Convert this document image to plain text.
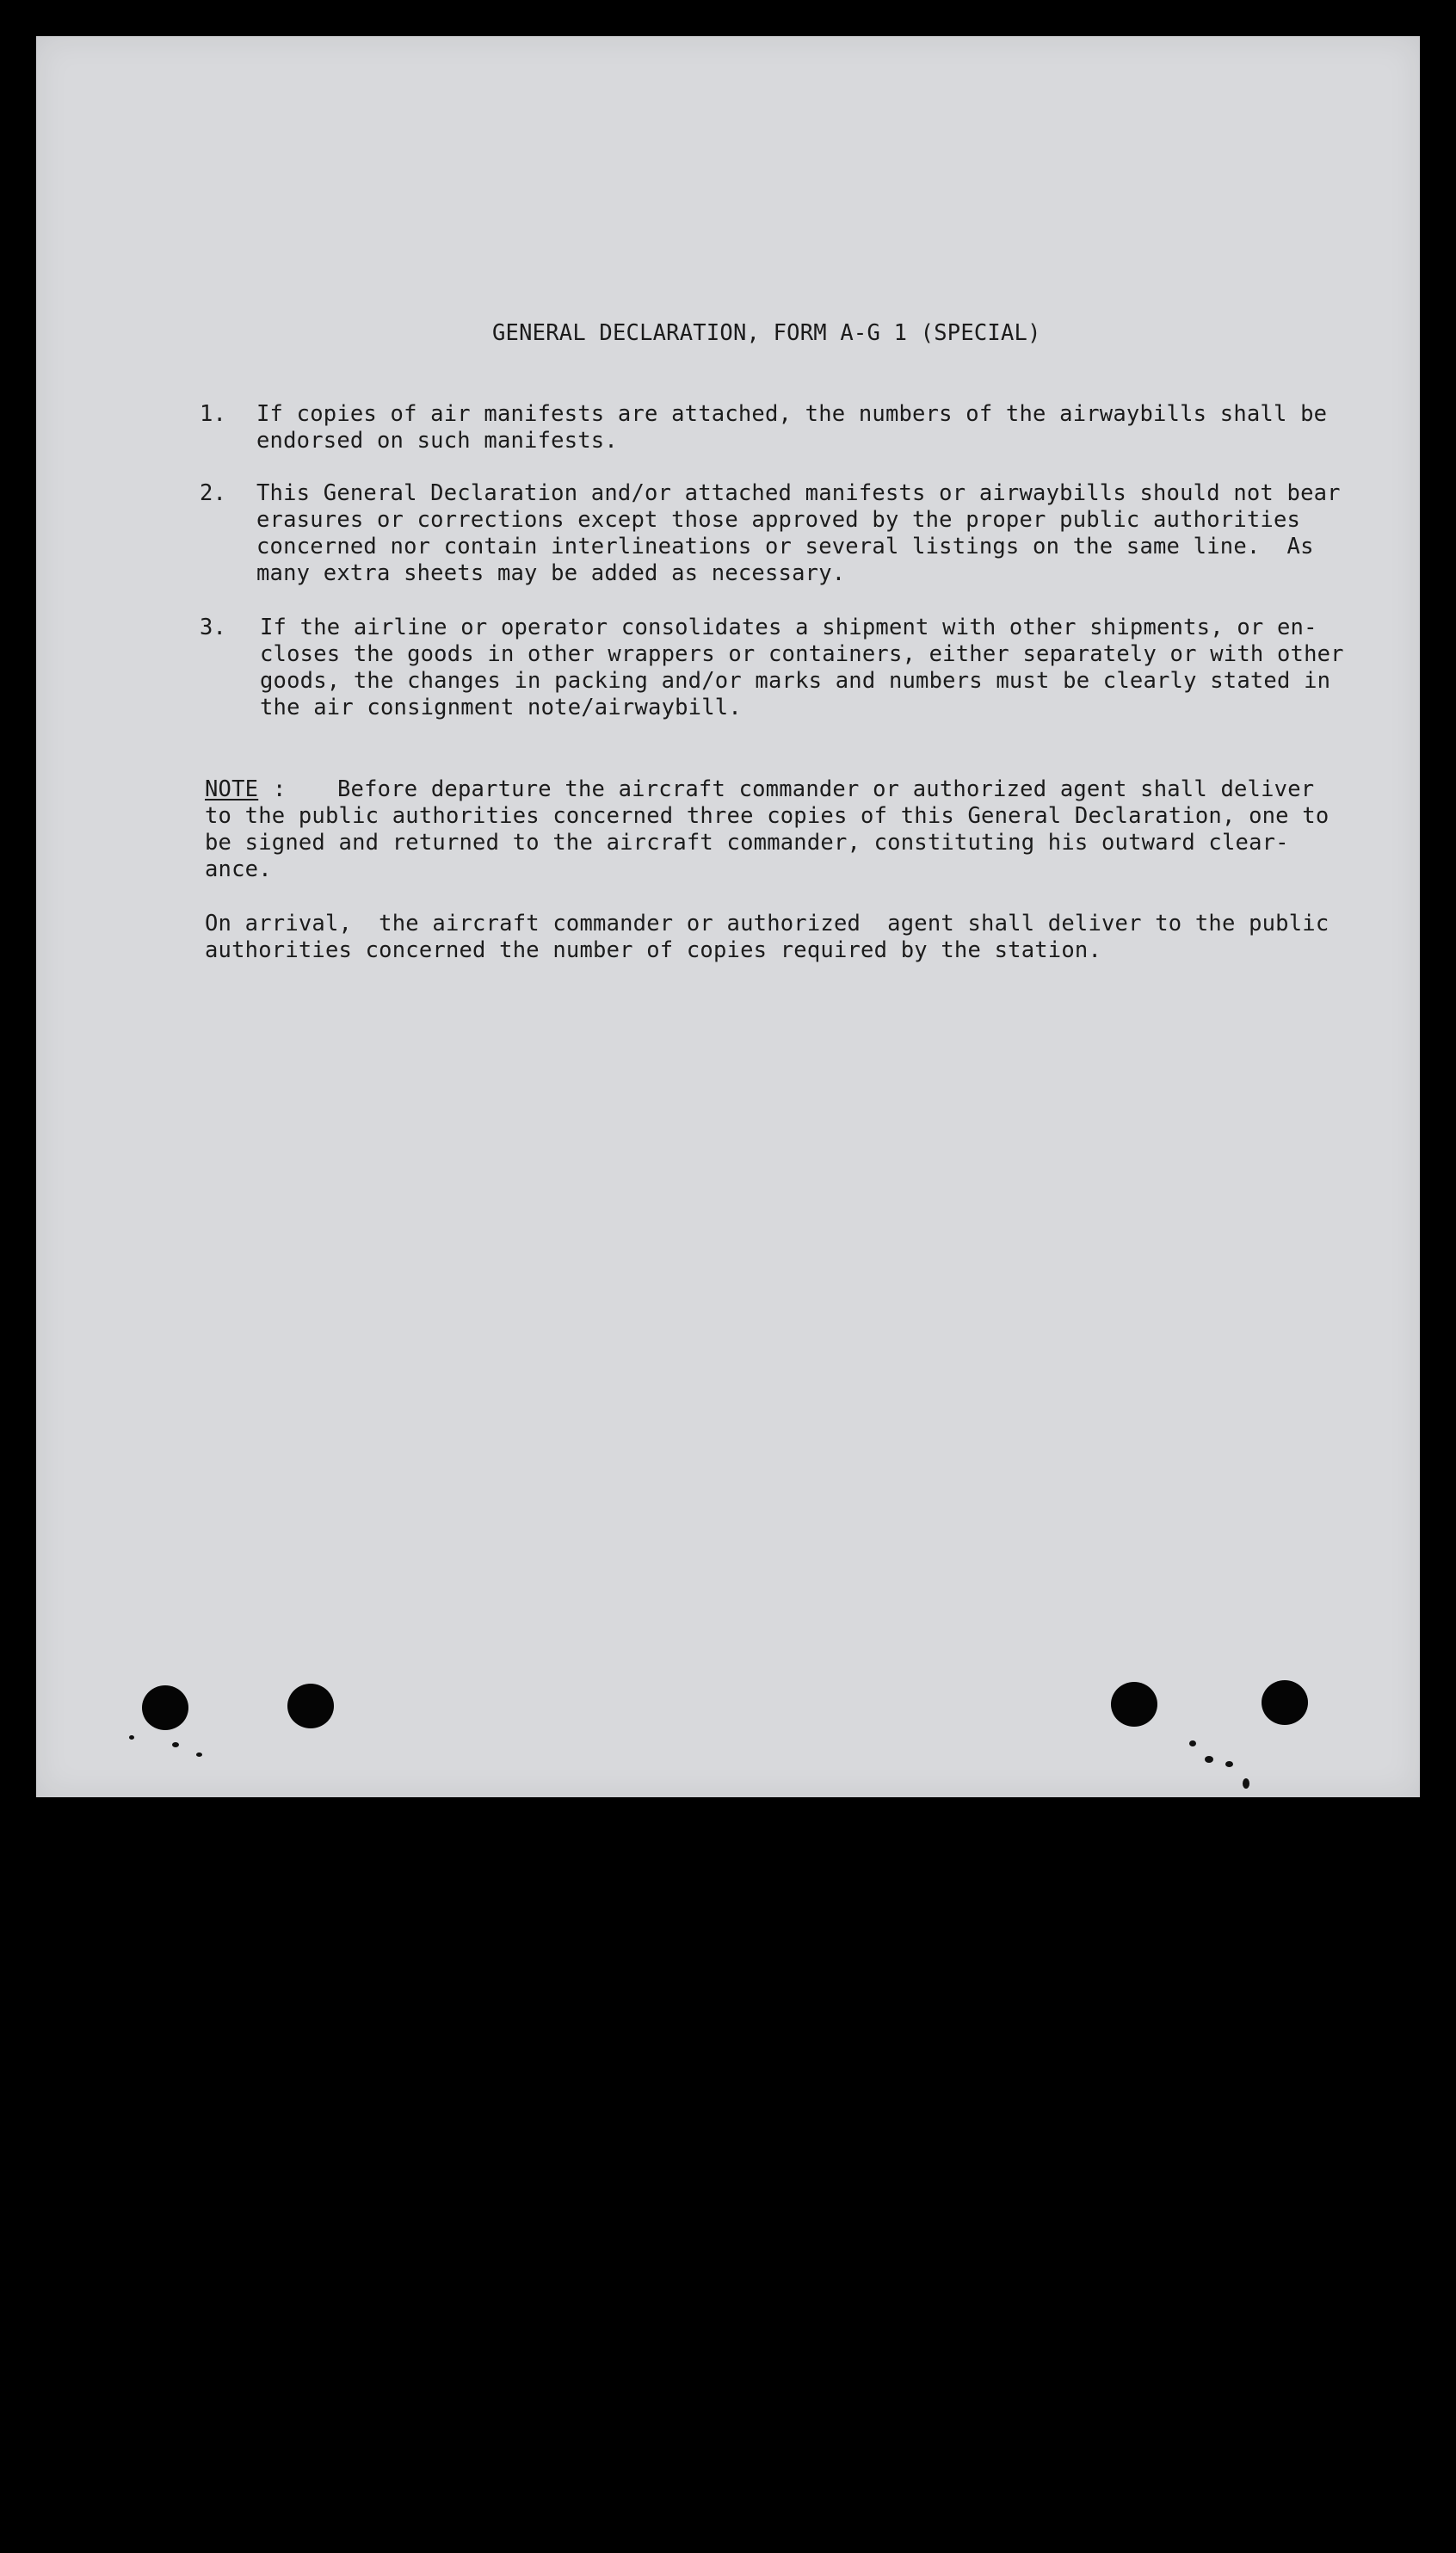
GENERAL DECLARATION, FORM A-G 1 (SPECIAL)
1. If copies of air manifests are attached, the numbers of the airwaybills shall be
endorsed on such manifests.
2. This General Declaration and/or attached manifests or airwaybills should not bear
erasures or corrections except those approved by the proper public authorities
concerned nor contain interlineations or several listings on the same line.  As
many extra sheets may be added as necessary.
3. If the airline or operator consolidates a shipment with other shipments, or en-
closes the goods in other wrappers or containers, either separately or with other
goods, the changes in packing and/or marks and numbers must be clearly stated in
the air consignment note/airwaybill.
NOTE : Before departure the aircraft commander or authorized agent shall deliver
to the public authorities concerned three copies of this General Declaration, one to
be signed and returned to the aircraft commander, constituting his outward clear-
ance.
On arrival,  the aircraft commander or authorized  agent shall deliver to the public
authorities concerned the number of copies required by the station.
